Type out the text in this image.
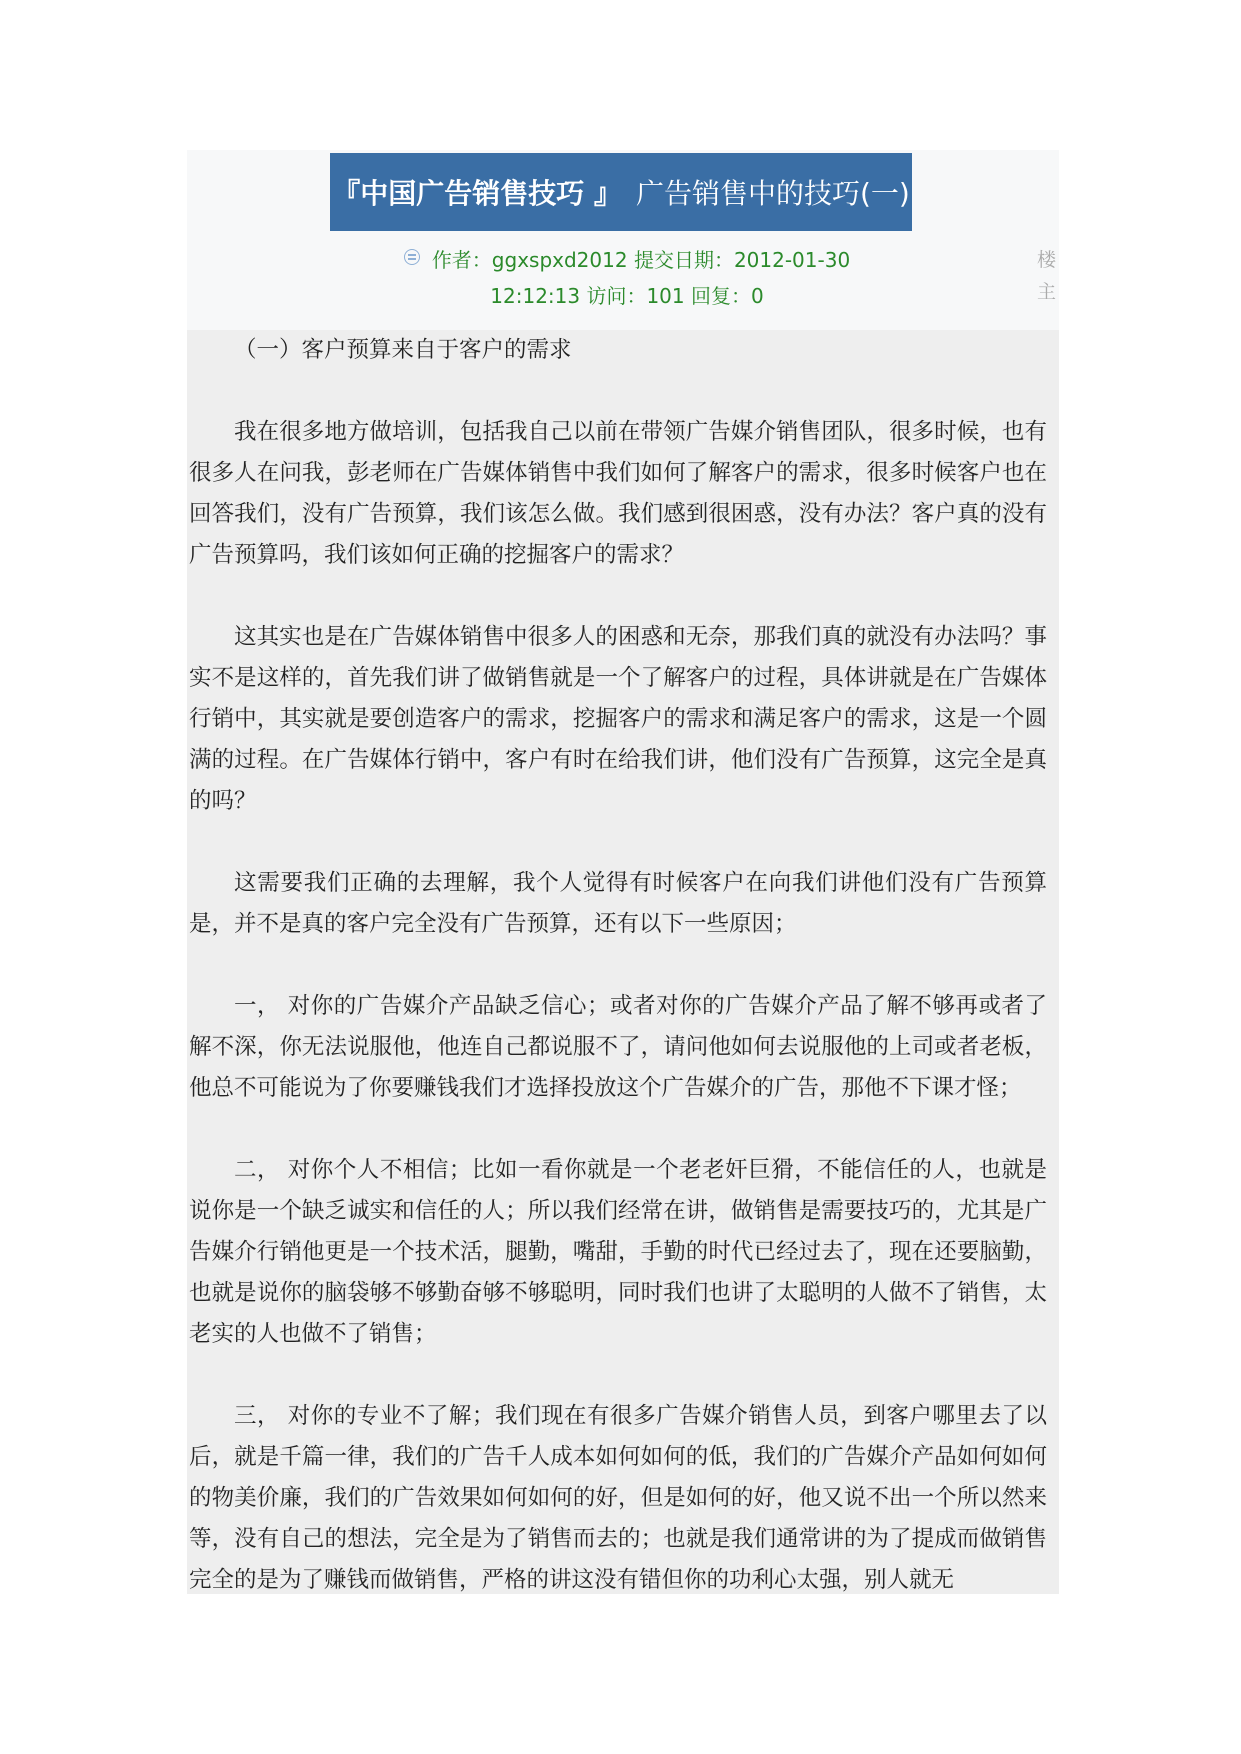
『中国广告销售技巧 』 广告销售中的技巧(一)
作者：ggxspxd2012 提交日期：2012-01-30
12:12:13 访问：101 回复：0
楼主

（一）客户预算来自于客户的需求

我在很多地方做培训，包括我自己以前在带领广告媒介销售团队，很多时候，也有很多人在问我，彭老师在广告媒体销售中我们如何了解客户的需求，很多时候客户也在回答我们，没有广告预算，我们该怎么做。我们感到很困惑，没有办法？客户真的没有广告预算吗，我们该如何正确的挖掘客户的需求？

这其实也是在广告媒体销售中很多人的困惑和无奈，那我们真的就没有办法吗？事实不是这样的，首先我们讲了做销售就是一个了解客户的过程，具体讲就是在广告媒体行销中，其实就是要创造客户的需求，挖掘客户的需求和满足客户的需求，这是一个圆满的过程。在广告媒体行销中，客户有时在给我们讲，他们没有广告预算，这完全是真的吗？

这需要我们正确的去理解，我个人觉得有时候客户在向我们讲他们没有广告预算是，并不是真的客户完全没有广告预算，还有以下一些原因；

一， 对你的广告媒介产品缺乏信心；或者对你的广告媒介产品了解不够再或者了解不深，你无法说服他，他连自己都说服不了，请问他如何去说服他的上司或者老板，他总不可能说为了你要赚钱我们才选择投放这个广告媒介的广告，那他不下课才怪；

二， 对你个人不相信；比如一看你就是一个老老奸巨猾，不能信任的人，也就是说你是一个缺乏诚实和信任的人；所以我们经常在讲，做销售是需要技巧的，尤其是广告媒介行销他更是一个技术活，腿勤，嘴甜，手勤的时代已经过去了，现在还要脑勤，也就是说你的脑袋够不够勤奋够不够聪明，同时我们也讲了太聪明的人做不了销售，太老实的人也做不了销售；

三， 对你的专业不了解；我们现在有很多广告媒介销售人员，到客户哪里去了以后，就是千篇一律，我们的广告千人成本如何如何的低，我们的广告媒介产品如何如何的物美价廉，我们的广告效果如何如何的好，但是如何的好，他又说不出一个所以然来等，没有自己的想法，完全是为了销售而去的；也就是我们通常讲的为了提成而做销售完全的是为了赚钱而做销售，严格的讲这没有错但你的功利心太强，别人就无
